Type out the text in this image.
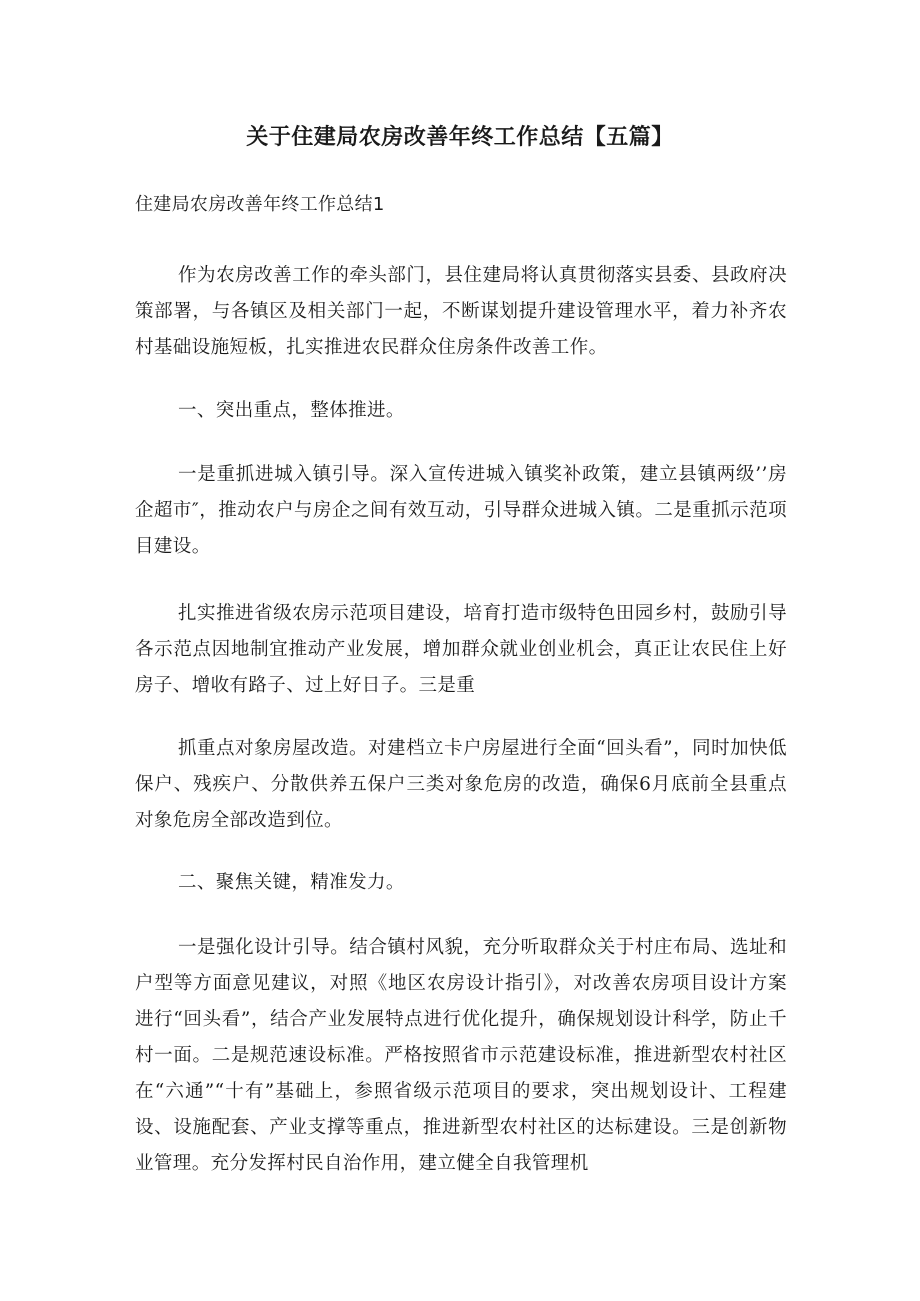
关于住建局农房改善年终工作总结【五篇】

住建局农房改善年终工作总结1

作为农房改善工作的牵头部门，县住建局将认真贯彻落实县委、县政府决策部署，与各镇区及相关部门一起，不断谋划提升建设管理水平，着力补齐农村基础设施短板，扎实推进农民群众住房条件改善工作。

一、突出重点，整体推进。

一是重抓进城入镇引导。深入宣传进城入镇奖补政策，建立县镇两级’’房企超市″，推动农户与房企之间有效互动，引导群众进城入镇。二是重抓示范项目建设。

扎实推进省级农房示范项目建设，培育打造市级特色田园乡村，鼓励引导各示范点因地制宜推动产业发展，增加群众就业创业机会，真正让农民住上好房子、增收有路子、过上好日子。三是重

抓重点对象房屋改造。对建档立卡户房屋进行全面“回头看”，同时加快低保户、残疾户、分散供养五保户三类对象危房的改造，确保6月底前全县重点对象危房全部改造到位。

二、聚焦关键，精准发力。

一是强化设计引导。结合镇村风貌，充分听取群众关于村庄布局、选址和户型等方面意见建议，对照《地区农房设计指引》，对改善农房项目设计方案进行“回头看”，结合产业发展特点进行优化提升，确保规划设计科学，防止千村一面。二是规范速设标准。严格按照省市示范建设标准，推进新型农村社区在“六通”“十有”基础上，参照省级示范项目的要求，突出规划设计、工程建设、设施配套、产业支撑等重点，推进新型农村社区的达标建设。三是创新物业管理。充分发挥村民自治作用，建立健全自我管理机
